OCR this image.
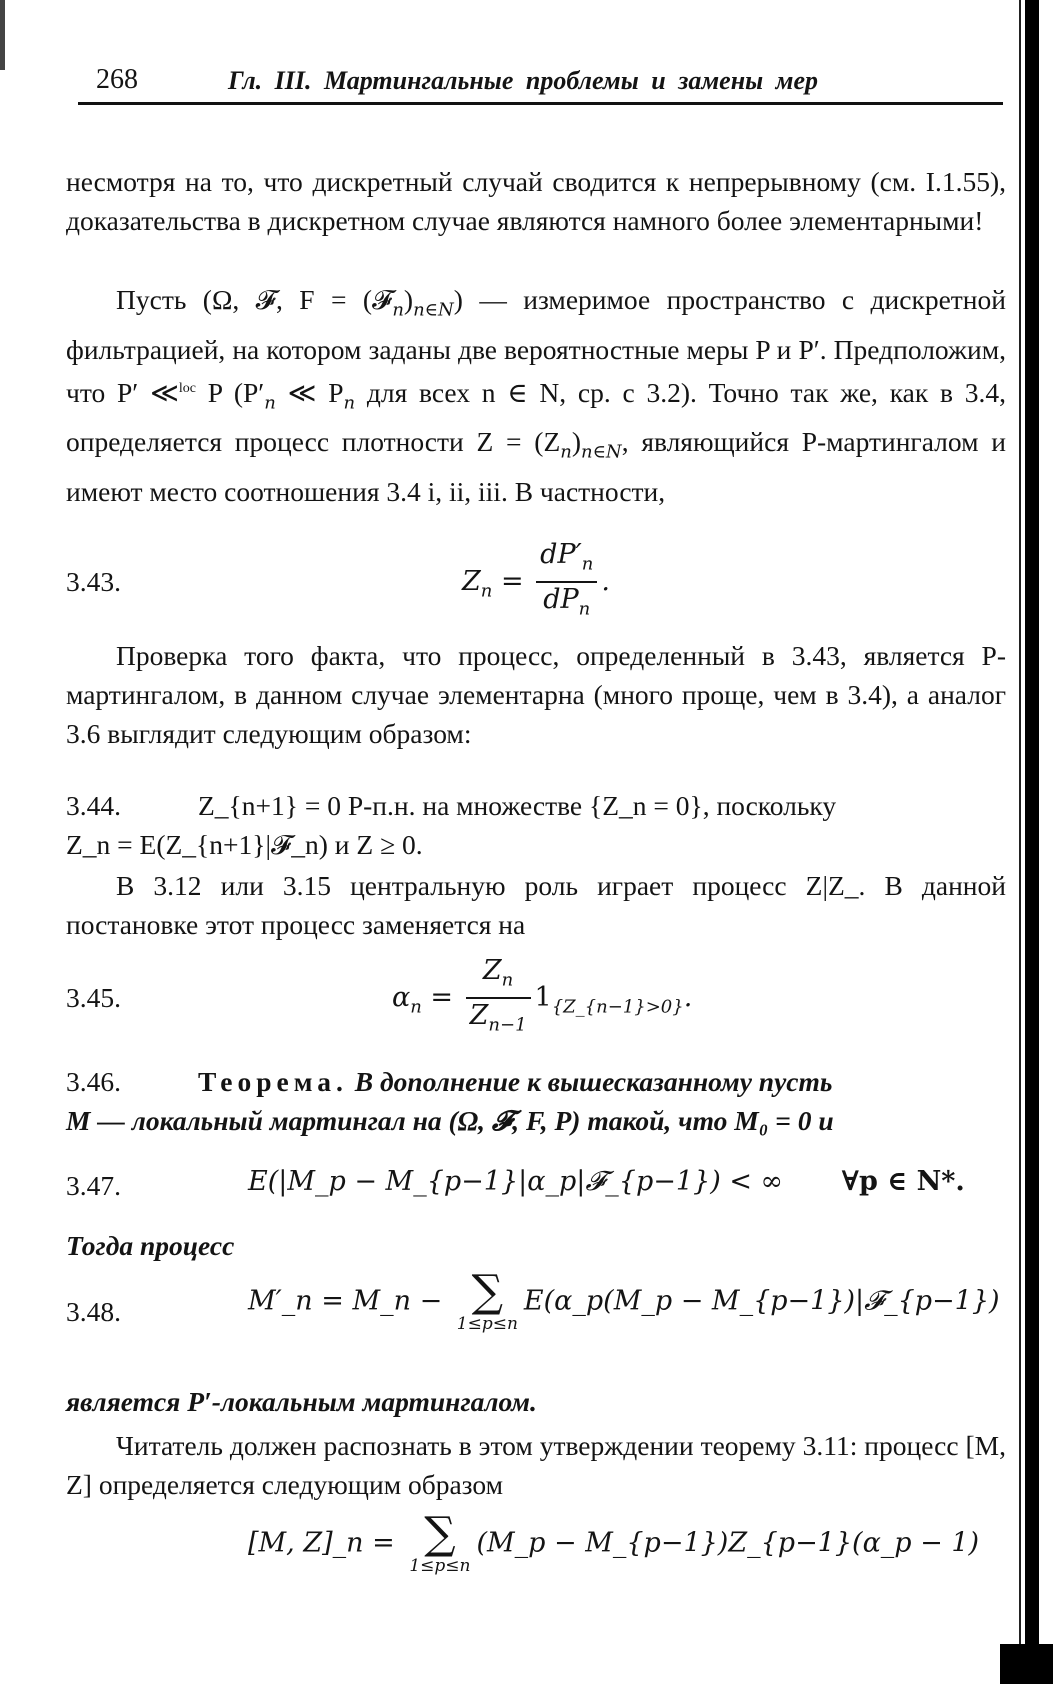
268	Гл. III. Мартингальные проблемы и замены мер

несмотря на то, что дискретный случай сводится к непрерывному (см. I.1.55), доказательства в дискретном случае являются намного более элементарными!

Пусть (Ω, 𝓕, $F = (𝓕_n)_{n\in N}$) — измеримое пространство с дискретной фильтрацией, на котором заданы две вероятностные меры P и P′. Предположим, что P′ ≪$^{loc}$ P ($P'_n$ ≪ $P_n$ для всех n ∈ N, ср. с 3.2). Точно так же, как в 3.4, определяется процесс плотности $Z = (Z_n)_{n\in N}$, являющийся P-мартингалом и имеют место соотношения 3.4 i, ii, iii. В частности,

3.43.	$Z_n = \frac{dP'_n}{dP_n}$ .

Проверка того факта, что процесс, определенный в 3.43, является P-мартингалом, в данном случае элементарна (много проще, чем в 3.4), а аналог 3.6 выглядит следующим образом:

3.44.	Z_{n+1} = 0 P-п.н. на множестве {Z_n = 0}, поскольку

Z_n = E(Z_{n+1}|𝓕_n) и Z ≥ 0.

В 3.12 или 3.15 центральную роль играет процесс Z|Z_. В данной постановке этот процесс заменяется на

3.45.	$\alpha_n = \frac{Z_n}{Z_{n-1}} 1_{\{Z\_\{n-1\}>0\}}$.
3.46.	Теорема. В дополнение к вышесказанному пусть

M — локальный мартингал на (Ω, 𝓕, F, P) такой, что M₀ = 0 и

3.47.	E(|M_p − M_{p−1}|α_p|𝓕_{p−1}) < ∞ ∀p ∈ N*.

Тогда процесс

3.48.	M′_n = M_n − ∑
1≤p≤n
E(α_p(M_p − M_{p−1})|𝓕_{p−1})

является P′-локальным мартингалом.

Читатель должен распознать в этом утверждении теорему 3.11: процесс [M, Z] определяется следующим образом

[M, Z]_n = ∑
1≤p≤n
(M_p − M_{p−1})Z_{p−1}(α_p − 1)
